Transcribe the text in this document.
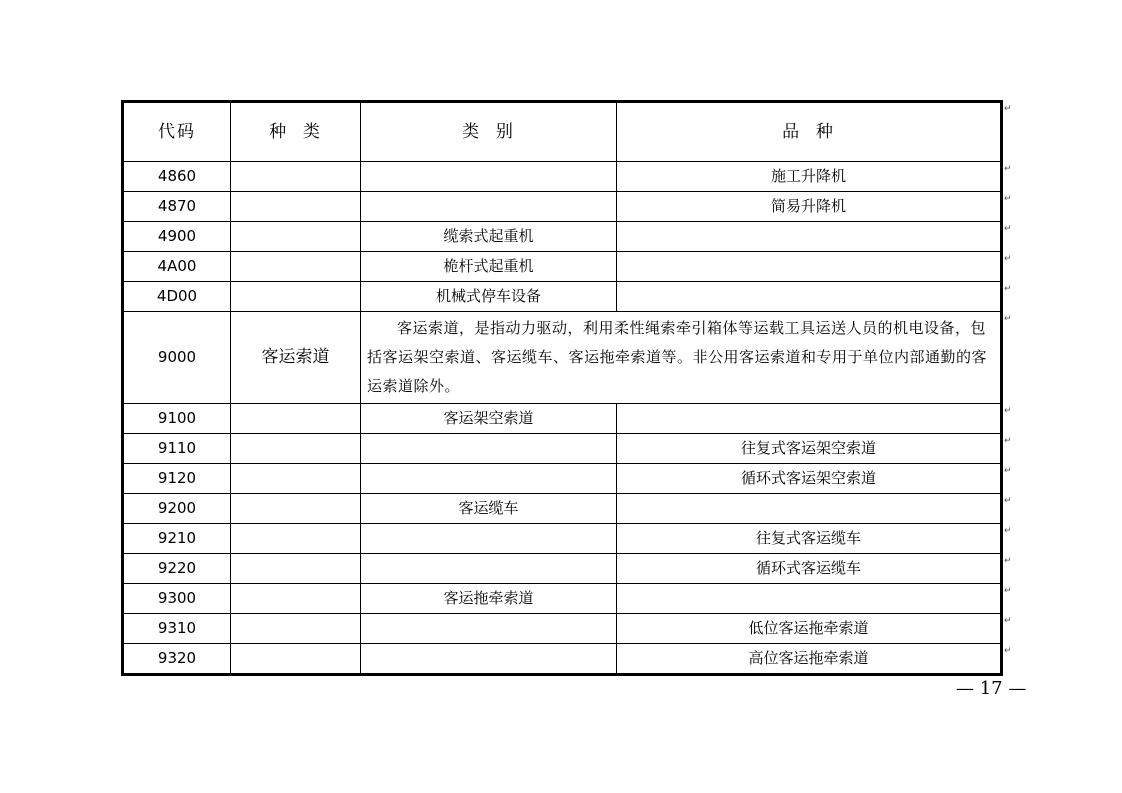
代码	种  类	类  别	品  种
4860			施工升降机
4870			简易升降机
4900		缆索式起重机	
4A00		桅杆式起重机	
4D00		机械式停车设备	
9000	客运索道	客运索道，是指动力驱动，利用柔性绳索牵引箱体等运载工具运送人员的机电设备，包括客运架空索道、客运缆车、客运拖牵索道等。非公用客运索道和专用于单位内部通勤的客运索道除外。	

9100		客运架空索道	
9110			往复式客运架空索道
9120			循环式客运架空索道
9200		客运缆车	
9210			往复式客运缆车
9220			循环式客运缆车
9300		客运拖牵索道	
9310			低位客运拖牵索道
9320			高位客运拖牵索道
— 17 —
↵
↵
↵
↵
↵
↵
↵
↵
↵
↵
↵
↵
↵
↵
↵
↵
